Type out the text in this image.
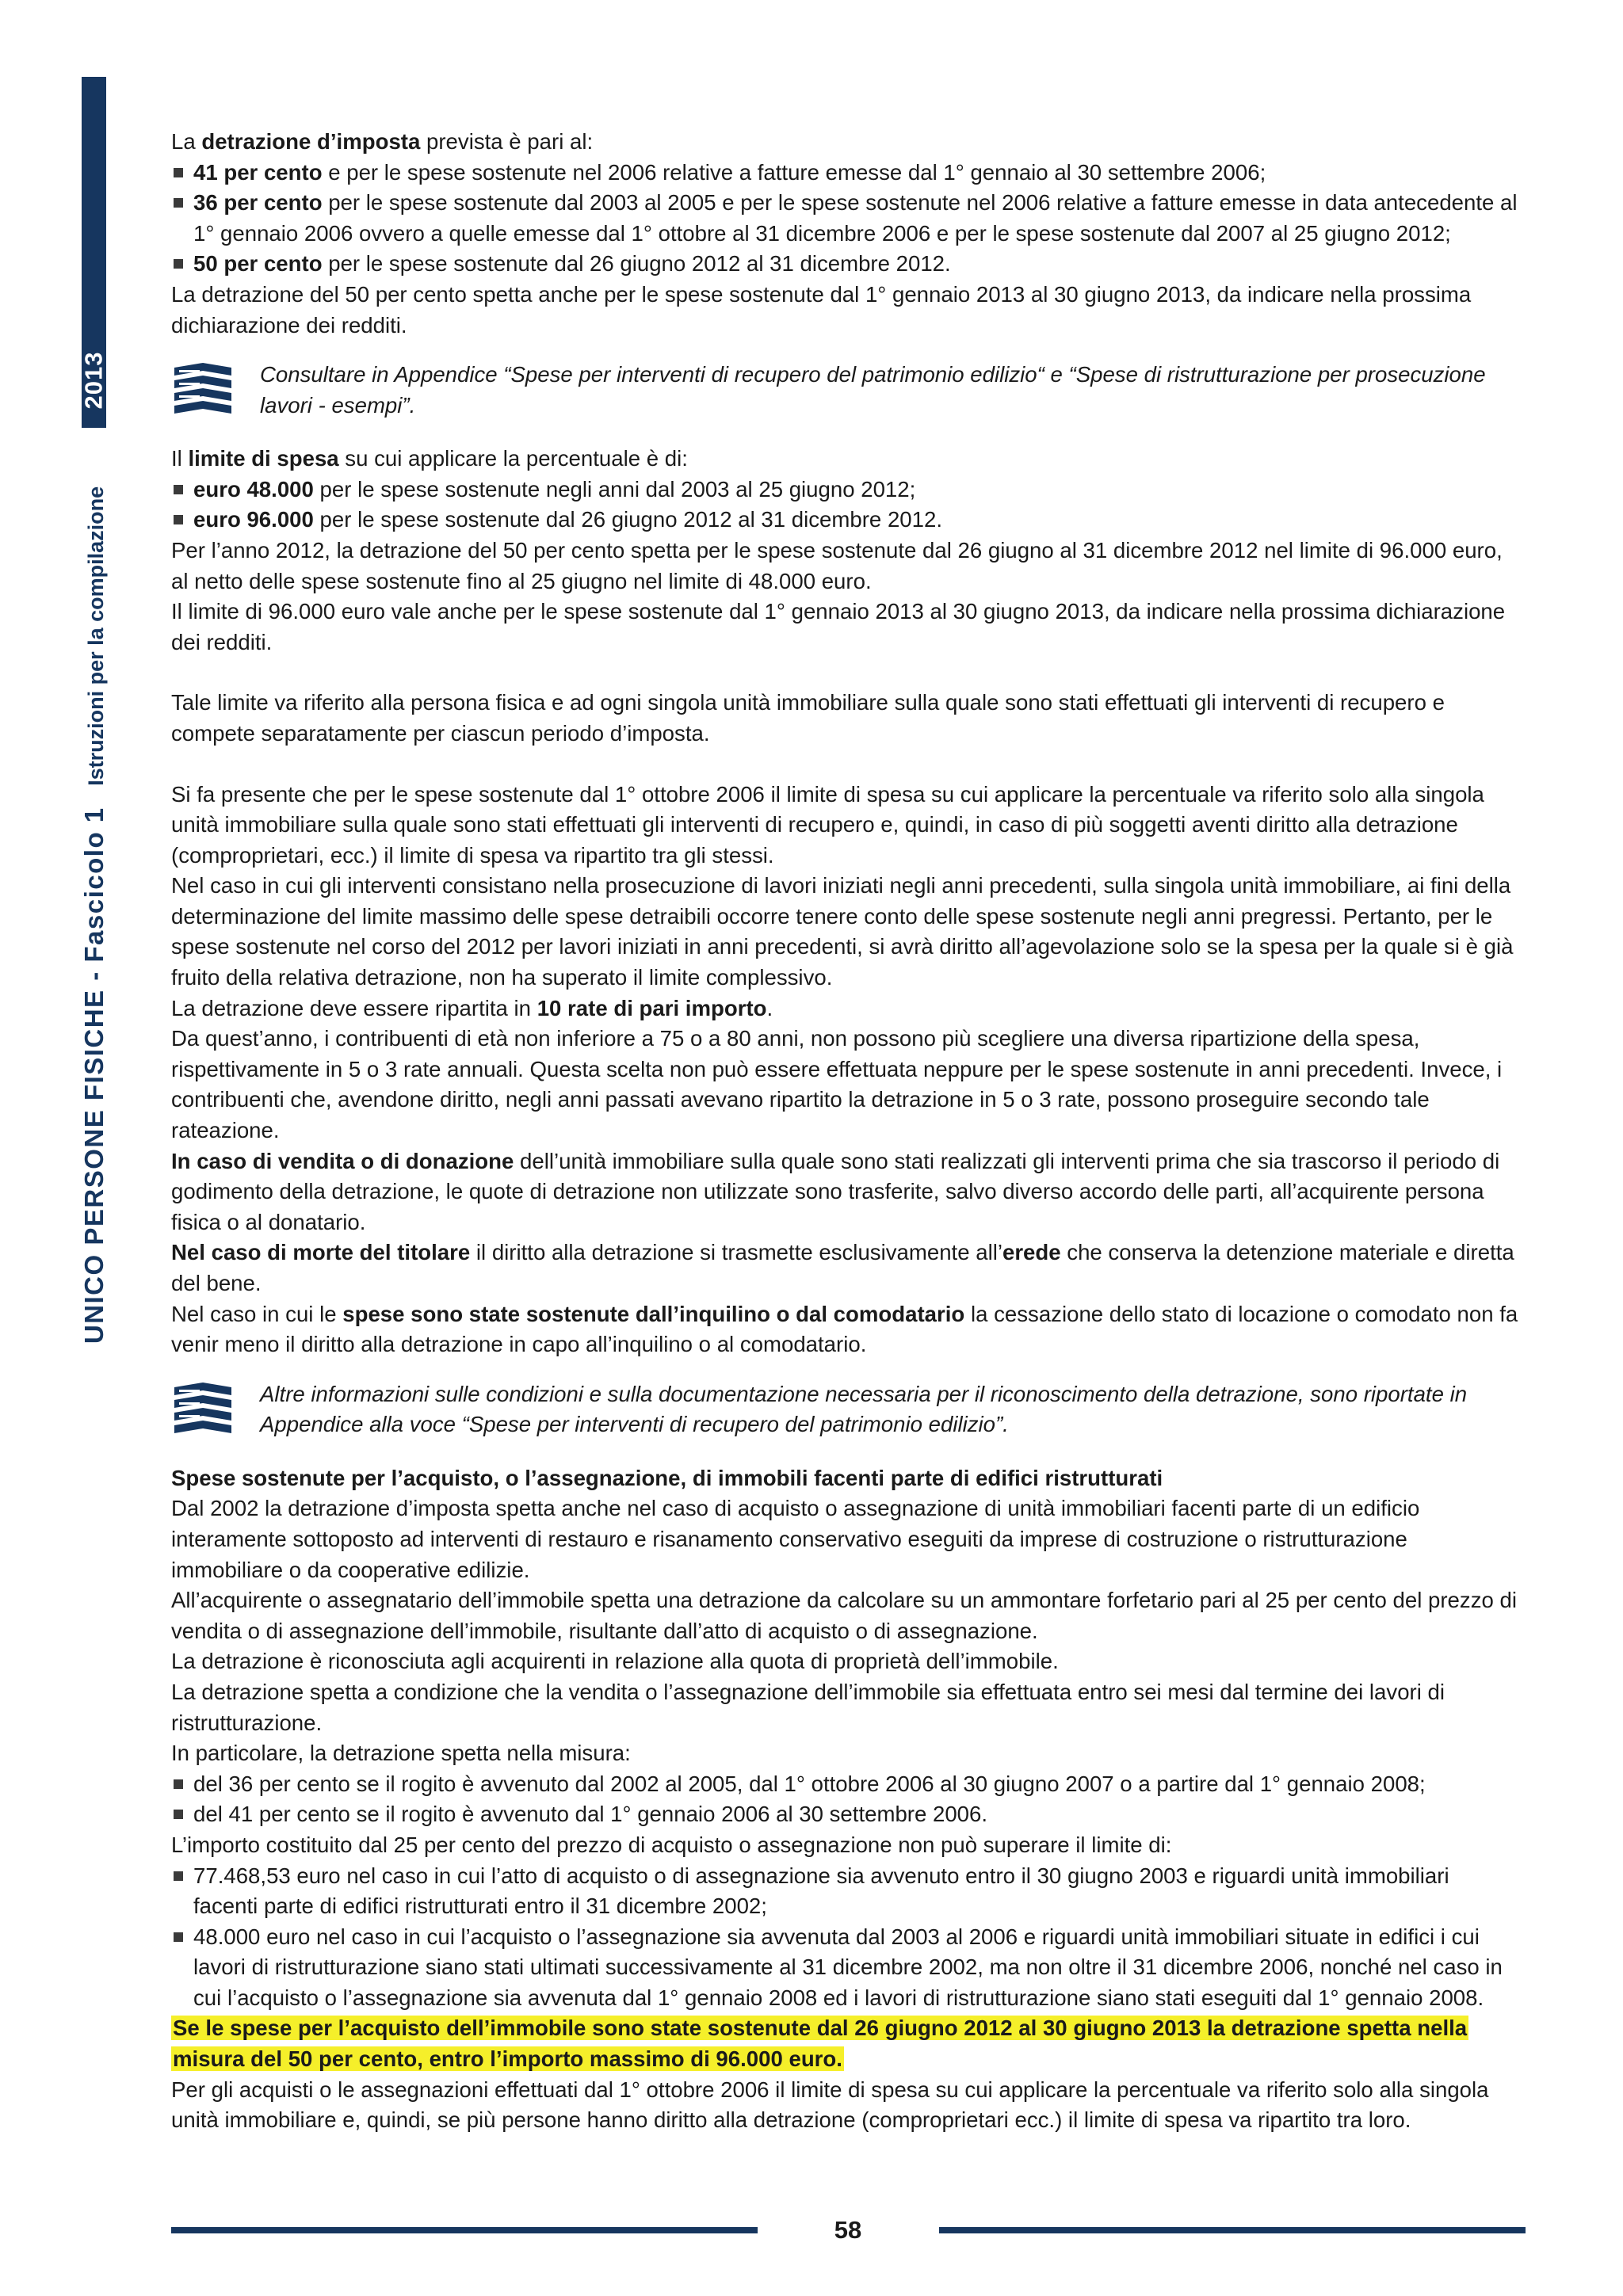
2013
UNICO PERSONE FISICHE - Fascicolo 1 Istruzioni per la compilazione

La detrazione d’imposta prevista è pari al:

41 per cento e per le spese sostenute nel 2006 relative a fatture emesse dal 1° gennaio al 30 settembre 2006;

36 per cento per le spese sostenute dal 2003 al 2005 e per le spese sostenute nel 2006 relative a fatture emesse in data antecedente al 1° gennaio 2006 ovvero a quelle emesse dal 1° ottobre al 31 dicembre 2006 e per le spese sostenute dal 2007 al 25 giugno 2012;

50 per cento per le spese sostenute dal 26 giugno 2012 al 31 dicembre 2012.

La detrazione del 50 per cento spetta anche per le spese sostenute dal 1° gennaio 2013 al 30 giugno 2013, da indicare nella prossima dichiarazione dei redditi.

Consultare in Appendice “Spese per interventi di recupero del patrimonio edilizio“ e “Spese di ristrutturazione per prosecuzione lavori - esempi”.

Il limite di spesa su cui applicare la percentuale è di:

euro 48.000 per le spese sostenute negli anni dal 2003 al 25 giugno 2012;

euro 96.000 per le spese sostenute dal 26 giugno 2012 al 31 dicembre 2012.

Per l’anno 2012, la detrazione del 50 per cento spetta per le spese sostenute dal 26 giugno al 31 dicembre 2012 nel limite di 96.000 euro, al netto delle spese sostenute fino al 25 giugno nel limite di 48.000 euro.

Il limite di 96.000 euro vale anche per le spese sostenute dal 1° gennaio 2013 al 30 giugno 2013, da indicare nella prossima dichiarazione dei redditi.

Tale limite va riferito alla persona fisica e ad ogni singola unità immobiliare sulla quale sono stati effettuati gli interventi di recupero e compete separatamente per ciascun periodo d’imposta.

Si fa presente che per le spese sostenute dal 1° ottobre 2006 il limite di spesa su cui applicare la percentuale va riferito solo alla singola unità immobiliare sulla quale sono stati effettuati gli interventi di recupero e, quindi, in caso di più soggetti aventi diritto alla detrazione (comproprietari, ecc.) il limite di spesa va ripartito tra gli stessi.

Nel caso in cui gli interventi consistano nella prosecuzione di lavori iniziati negli anni precedenti, sulla singola unità immobiliare, ai fini della determinazione del limite massimo delle spese detraibili occorre tenere conto delle spese sostenute negli anni pregressi. Pertanto, per le spese sostenute nel corso del 2012 per lavori iniziati in anni precedenti, si avrà diritto all’agevolazione solo se la spesa per la quale si è già fruito della relativa detrazione, non ha superato il limite complessivo.

La detrazione deve essere ripartita in 10 rate di pari importo.

Da quest’anno, i contribuenti di età non inferiore a 75 o a 80 anni, non possono più scegliere una diversa ripartizione della spesa, rispettivamente in 5 o 3 rate annuali. Questa scelta non può essere effettuata neppure per le spese sostenute in anni precedenti. Invece, i contribuenti che, avendone diritto, negli anni passati avevano ripartito la detrazione in 5 o 3 rate, possono proseguire secondo tale rateazione.

In caso di vendita o di donazione dell’unità immobiliare sulla quale sono stati realizzati gli interventi prima che sia trascorso il periodo di godimento della detrazione, le quote di detrazione non utilizzate sono trasferite, salvo diverso accordo delle parti, all’acquirente persona fisica o al donatario.

Nel caso di morte del titolare il diritto alla detrazione si trasmette esclusivamente all’erede che conserva la detenzione materiale e diretta del bene.

Nel caso in cui le spese sono state sostenute dall’inquilino o dal comodatario la cessazione dello stato di locazione o comodato non fa venir meno il diritto alla detrazione in capo all’inquilino o al comodatario.

Altre informazioni sulle condizioni e sulla documentazione necessaria per il riconoscimento della detrazione, sono riportate in Appendice alla voce “Spese per interventi di recupero del patrimonio edilizio”.

Spese sostenute per l’acquisto, o l’assegnazione, di immobili facenti parte di edifici ristrutturati

Dal 2002 la detrazione d’imposta spetta anche nel caso di acquisto o assegnazione di unità immobiliari facenti parte di un edificio interamente sottoposto ad interventi di restauro e risanamento conservativo eseguiti da imprese di costruzione o ristrutturazione immobiliare o da cooperative edilizie.

All’acquirente o assegnatario dell’immobile spetta una detrazione da calcolare su un ammontare forfetario pari al 25 per cento del prezzo di vendita o di assegnazione dell’immobile, risultante dall’atto di acquisto o di assegnazione.

La detrazione è riconosciuta agli acquirenti in relazione alla quota di proprietà dell’immobile.

La detrazione spetta a condizione che la vendita o l’assegnazione dell’immobile sia effettuata entro sei mesi dal termine dei lavori di ristrutturazione.

In particolare, la detrazione spetta nella misura:

del 36 per cento se il rogito è avvenuto dal 2002 al 2005, dal 1° ottobre 2006 al 30 giugno 2007 o a partire dal 1° gennaio 2008;

del 41 per cento se il rogito è avvenuto dal 1° gennaio 2006 al 30 settembre 2006.

L’importo costituito dal 25 per cento del prezzo di acquisto o assegnazione non può superare il limite di:

77.468,53 euro nel caso in cui l’atto di acquisto o di assegnazione sia avvenuto entro il 30 giugno 2003 e riguardi unità immobiliari facenti parte di edifici ristrutturati entro il 31 dicembre 2002;

48.000 euro nel caso in cui l’acquisto o l’assegnazione sia avvenuta dal 2003 al 2006 e riguardi unità immobiliari situate in edifici i cui lavori di ristrutturazione siano stati ultimati successivamente al 31 dicembre 2002, ma non oltre il 31 dicembre 2006, nonché nel caso in cui l’acquisto o l’assegnazione sia avvenuta dal 1° gennaio 2008 ed i lavori di ristrutturazione siano stati eseguiti dal 1° gennaio 2008.

Se le spese per l’acquisto dell’immobile sono state sostenute dal 26 giugno 2012 al 30 giugno 2013 la detrazione spetta nella misura del 50 per cento, entro l’importo massimo di 96.000 euro.

Per gli acquisti o le assegnazioni effettuati dal 1° ottobre 2006 il limite di spesa su cui applicare la percentuale va riferito solo alla singola unità immobiliare e, quindi, se più persone hanno diritto alla detrazione (comproprietari ecc.) il limite di spesa va ripartito tra loro.

58
